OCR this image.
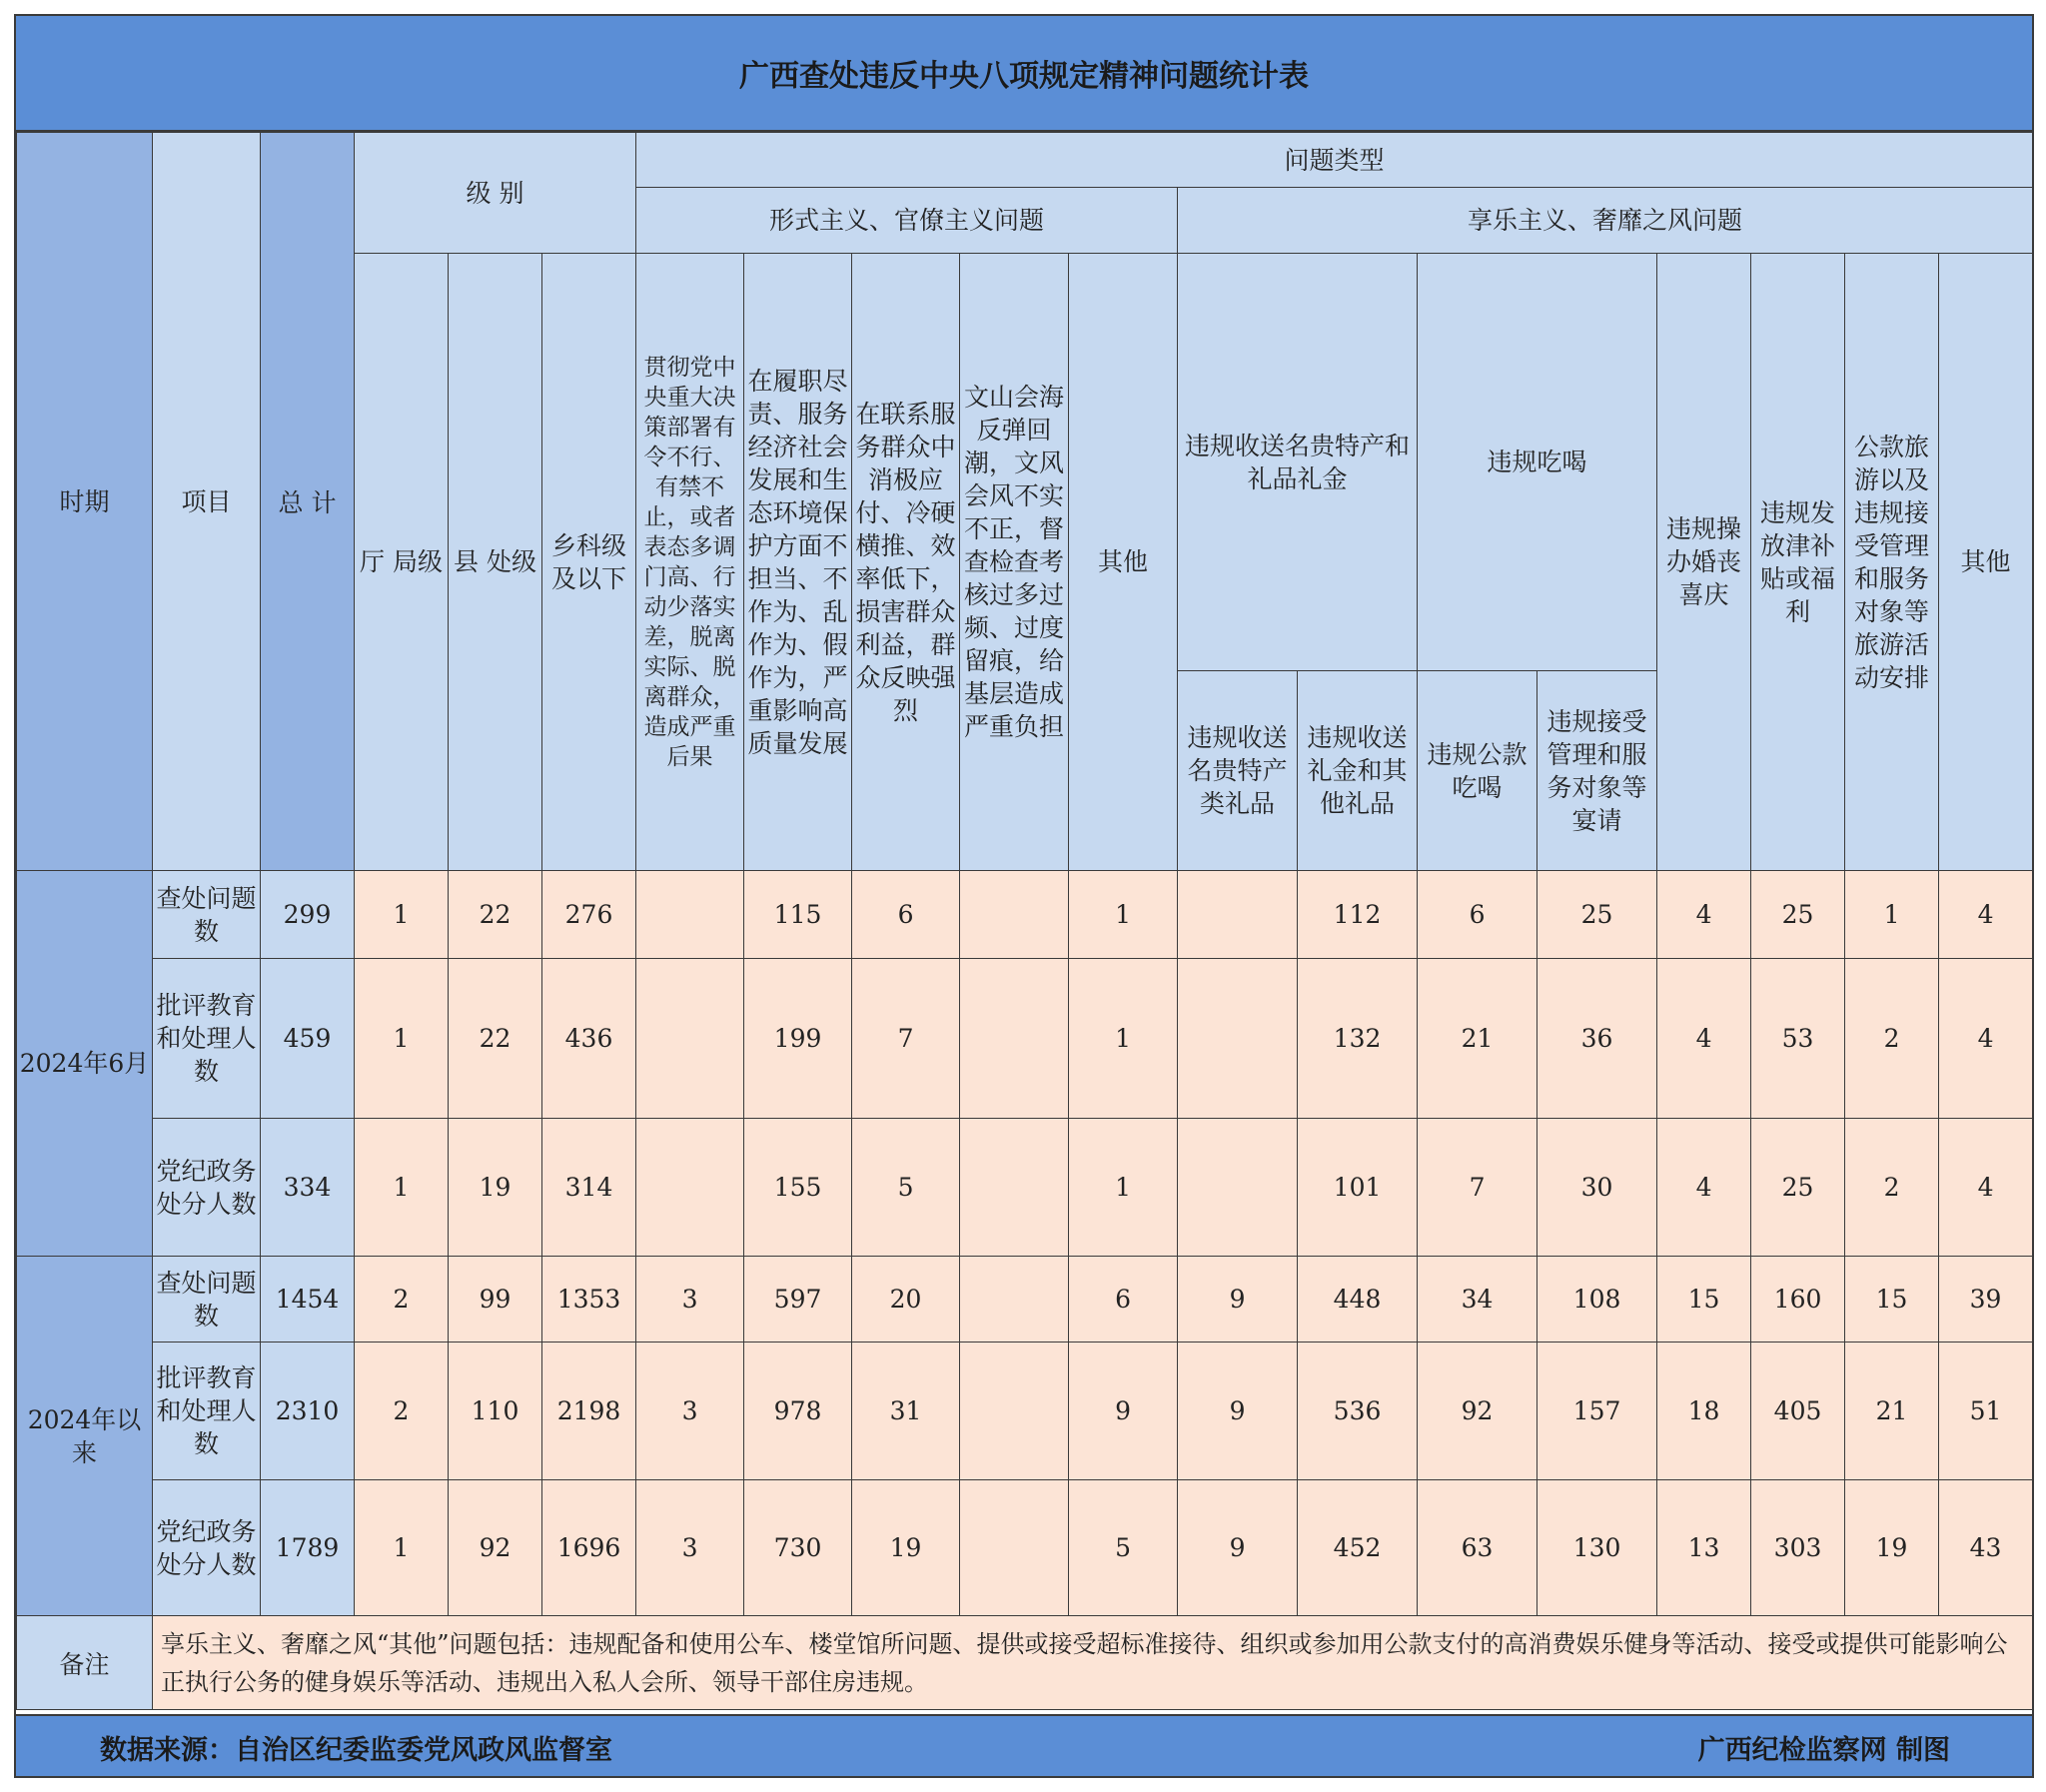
广西查处违反中央八项规定精神问题统计表
时期	项目	总 计	级 别			问题类型												
						形式主义、官僚主义问题					享乐主义、奢靡之风问题							
			厅 局级	县 处级	乡科级及以下	贯彻党中央重大决策部署有令不行、有禁不止，或者表态多调门高、行动少落实差，脱离实际、脱离群众，造成严重后果	在履职尽责、服务经济社会发展和生态环境保护方面不担当、不作为、乱作为、假作为，严重影响高质量发展	在联系服务群众中消极应付、冷硬横推、效率低下，损害群众利益，群众反映强烈	文山会海反弹回潮，文风会风不实不正，督查检查考核过多过频、过度留痕，给基层造成严重负担	其他	违规收送名贵特产和礼品礼金		违规吃喝		违规操办婚丧喜庆	违规发放津补贴或福利	公款旅游以及违规接受管理和服务对象等旅游活动安排	其他

											违规收送名贵特产类礼品	违规收送礼金和其他礼品	违规公款吃喝	违规接受管理和服务对象等宴请				
2024年6月	查处问题数	299	1	22	276		115	6		1		112	6	25	4	25	1	4
	批评教育和处理人数	459	1	22	436		199	7		1		132	21	36	4	53	2	4
	党纪政务处分人数	334	1	19	314		155	5		1		101	7	30	4	25	2	4
2024年以来	查处问题数	1454	2	99	1353	3	597	20		6	9	448	34	108	15	160	15	39
	批评教育和处理人数	2310	2	110	2198	3	978	31		9	9	536	92	157	18	405	21	51
	党纪政务处分人数	1789	1	92	1696	3	730	19		5	9	452	63	130	13	303	19	43
备注	享乐主义、奢靡之风“其他”问题包括：违规配备和使用公车、楼堂馆所问题、提供或接受超标准接待、组织或参加用公款支付的高消费娱乐健身等活动、接受或提供可能影响公正执行公务的健身娱乐等活动、违规出入私人会所、领导干部住房违规。																	
数据来源：自治区纪委监委党风政风监督室	广西纪检监察网 制图
